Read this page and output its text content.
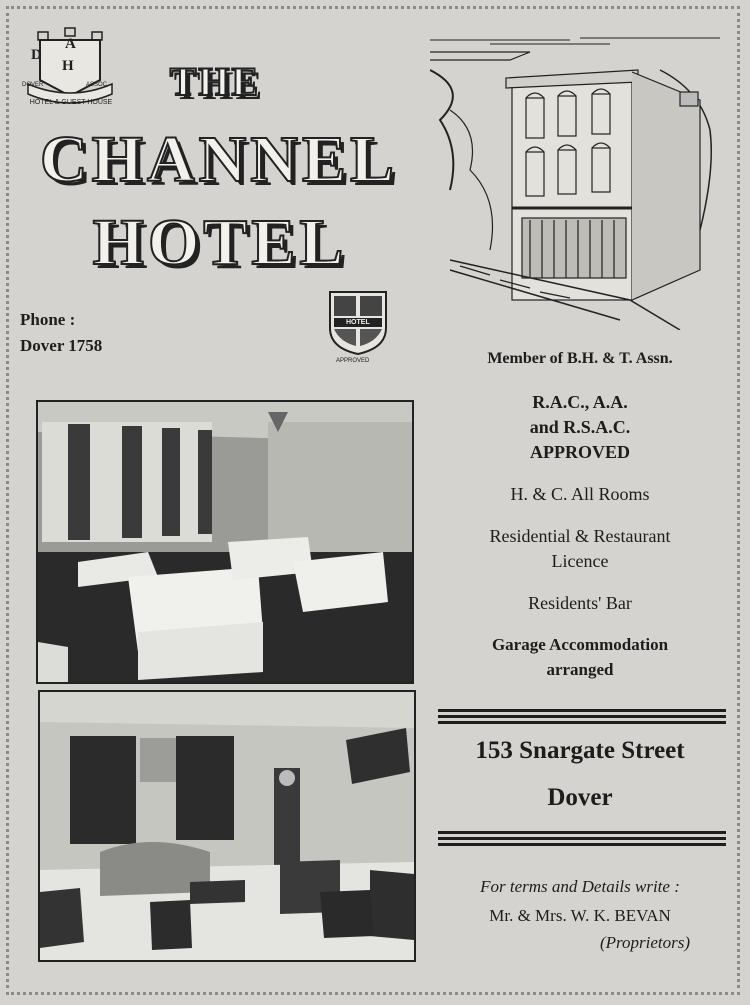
D
A
H
DOVER	ASSOC.
HOTEL & GUEST HOUSE	THE
CHANNEL
HOTEL
Phone :
Dover 1758
HOTEL
APPROVED	Member of B.H. & T. Assn.
R.A.C., A.A.
and R.S.A.C.
APPROVED
H. & C. All Rooms
Residential & Restaurant
Licence
Residents' Bar
Garage Accommodation
arranged
153 Snargate Street
Dover
For terms and Details write :
Mr. & Mrs. W. K. BEVAN
(Proprietors)
